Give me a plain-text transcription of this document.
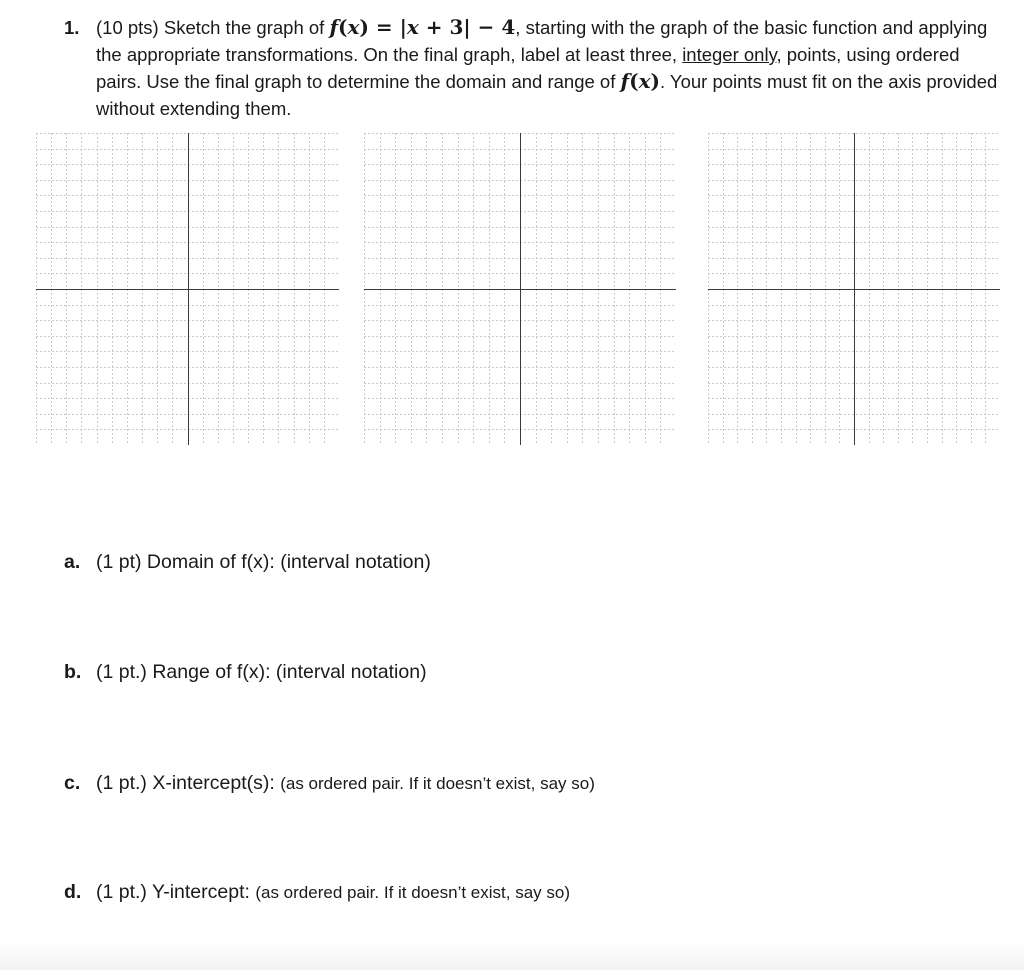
1. (10 pts) Sketch the graph of f(x) = |x + 3| − 4, starting with the graph of the basic function and applying the appropriate transformations. On the final graph, label at least three, integer only, points, using ordered pairs. Use the final graph to determine the domain and range of f(x). Your points must fit on the axis provided without extending them.
a. (1 pt) Domain of f(x): (interval notation)
b. (1 pt.) Range of f(x): (interval notation)
c. (1 pt.) X-intercept(s): (as ordered pair. If it doesn’t exist, say so)
d. (1 pt.) Y-intercept: (as ordered pair. If it doesn’t exist, say so)
